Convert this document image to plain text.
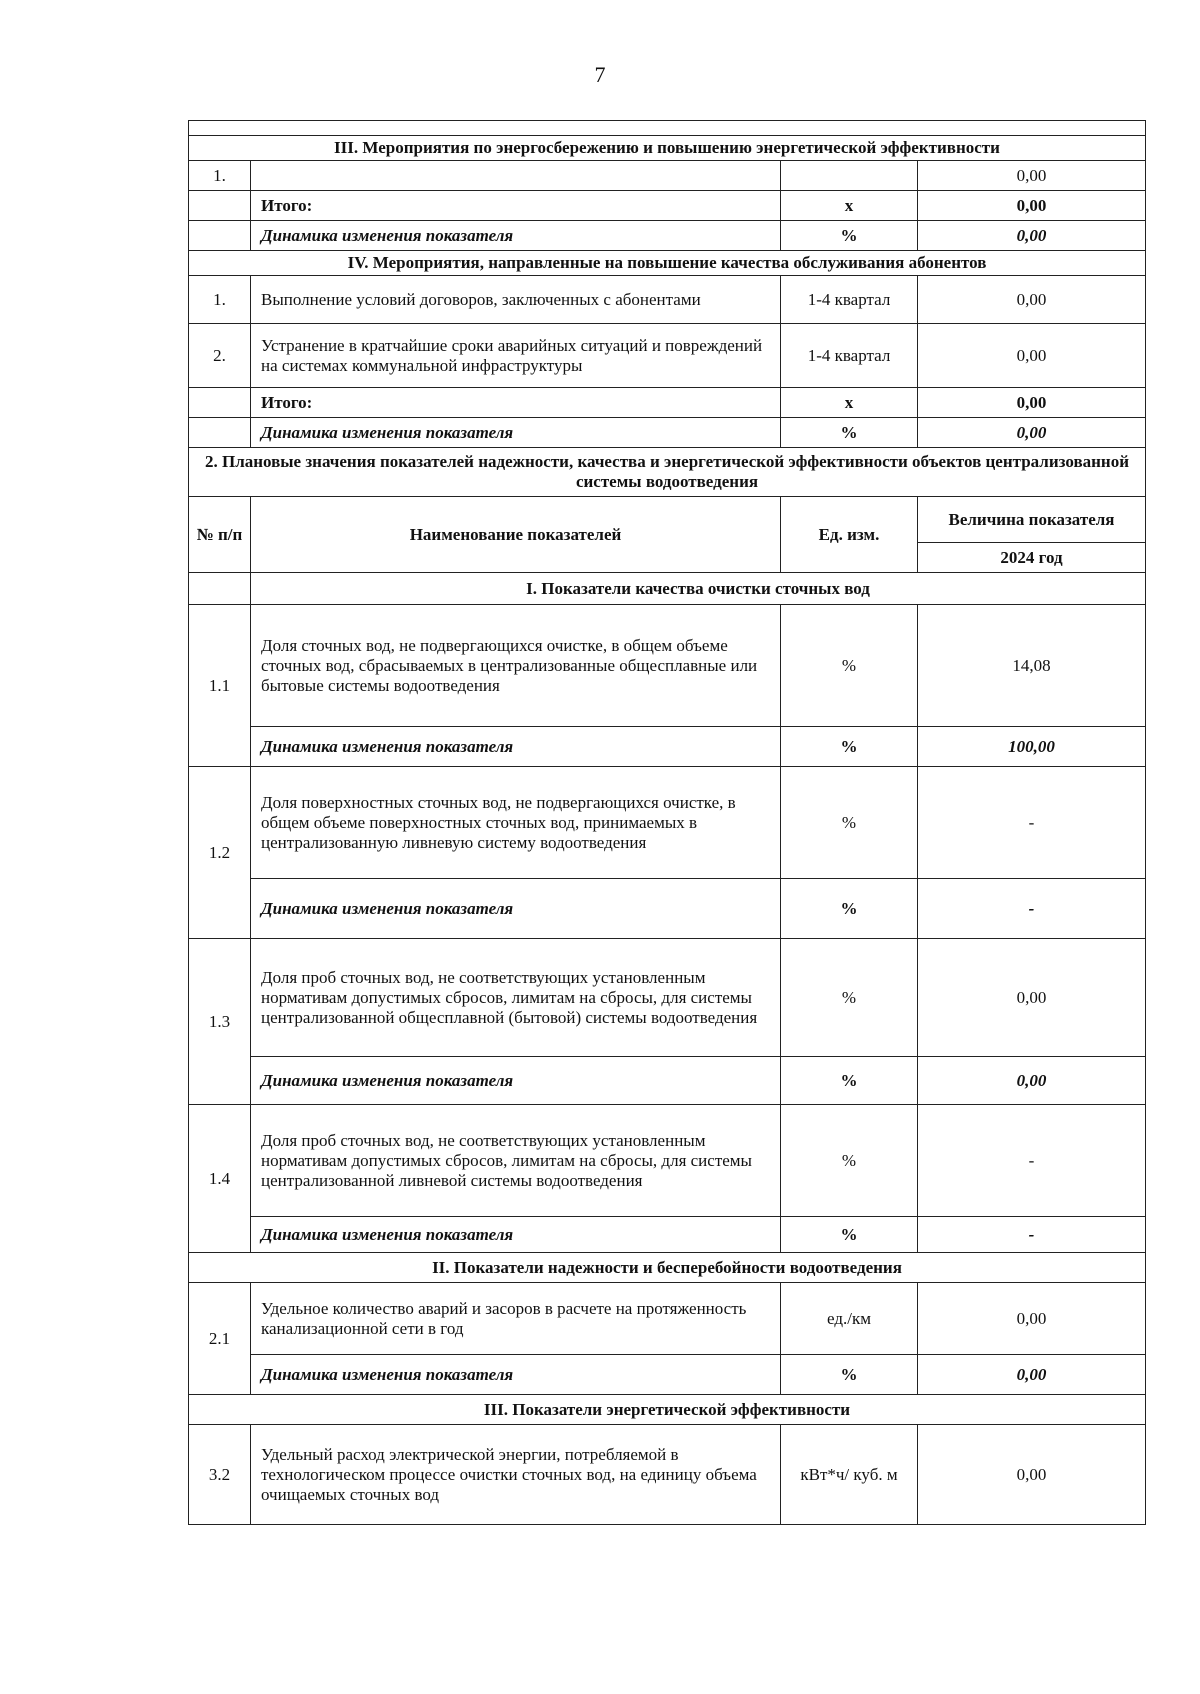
7

III. Мероприятия по энергосбережению и повышению энергетической эффективности			
1.			0,00
	Итого:	х	0,00
	Динамика изменения показателя	%	0,00
IV. Мероприятия, направленные на повышение качества обслуживания абонентов			
1.	Выполнение условий договоров, заключенных с абонентами	1-4 квартал	0,00
2.	Устранение в кратчайшие сроки аварийных ситуаций и повреждений на системах коммунальной инфраструктуры	1-4 квартал	0,00
	Итого:	х	0,00
	Динамика изменения показателя	%	0,00
2. Плановые значения показателей надежности, качества и энергетической эффективности объектов централизованной системы водоотведения			
№ п/п	Наименование показателей	Ед. изм.	Величина показателя
			2024 год
	I. Показатели качества очистки сточных вод		
1.1	Доля сточных вод, не подвергающихся очистке, в общем объеме сточных вод, сбрасываемых в централизованные общесплавные или бытовые системы водоотведения	%	14,08
	Динамика изменения показателя	%	100,00
1.2	Доля поверхностных сточных вод, не подвергающихся очистке, в общем объеме поверхностных сточных вод, принимаемых в централизованную ливневую систему водоотведения	%	-
	Динамика изменения показателя	%	-
1.3	Доля проб сточных вод, не соответствующих установленным нормативам допустимых сбросов, лимитам на сбросы, для системы централизованной общесплавной (бытовой) системы водоотведения	%	0,00
	Динамика изменения показателя	%	0,00
1.4	Доля проб сточных вод, не соответствующих установленным нормативам допустимых сбросов, лимитам на сбросы, для системы централизованной ливневой системы водоотведения	%	-
	Динамика изменения показателя	%	-
II. Показатели надежности и бесперебойности водоотведения			
2.1	Удельное количество аварий и засоров в расчете на протяженность канализационной сети в год	ед./км	0,00
	Динамика изменения показателя	%	0,00
III. Показатели энергетической эффективности			
3.2	Удельный расход электрической энергии, потребляемой в технологическом процессе очистки сточных вод, на единицу объема очищаемых сточных вод	кВт*ч/ куб. м	0,00
